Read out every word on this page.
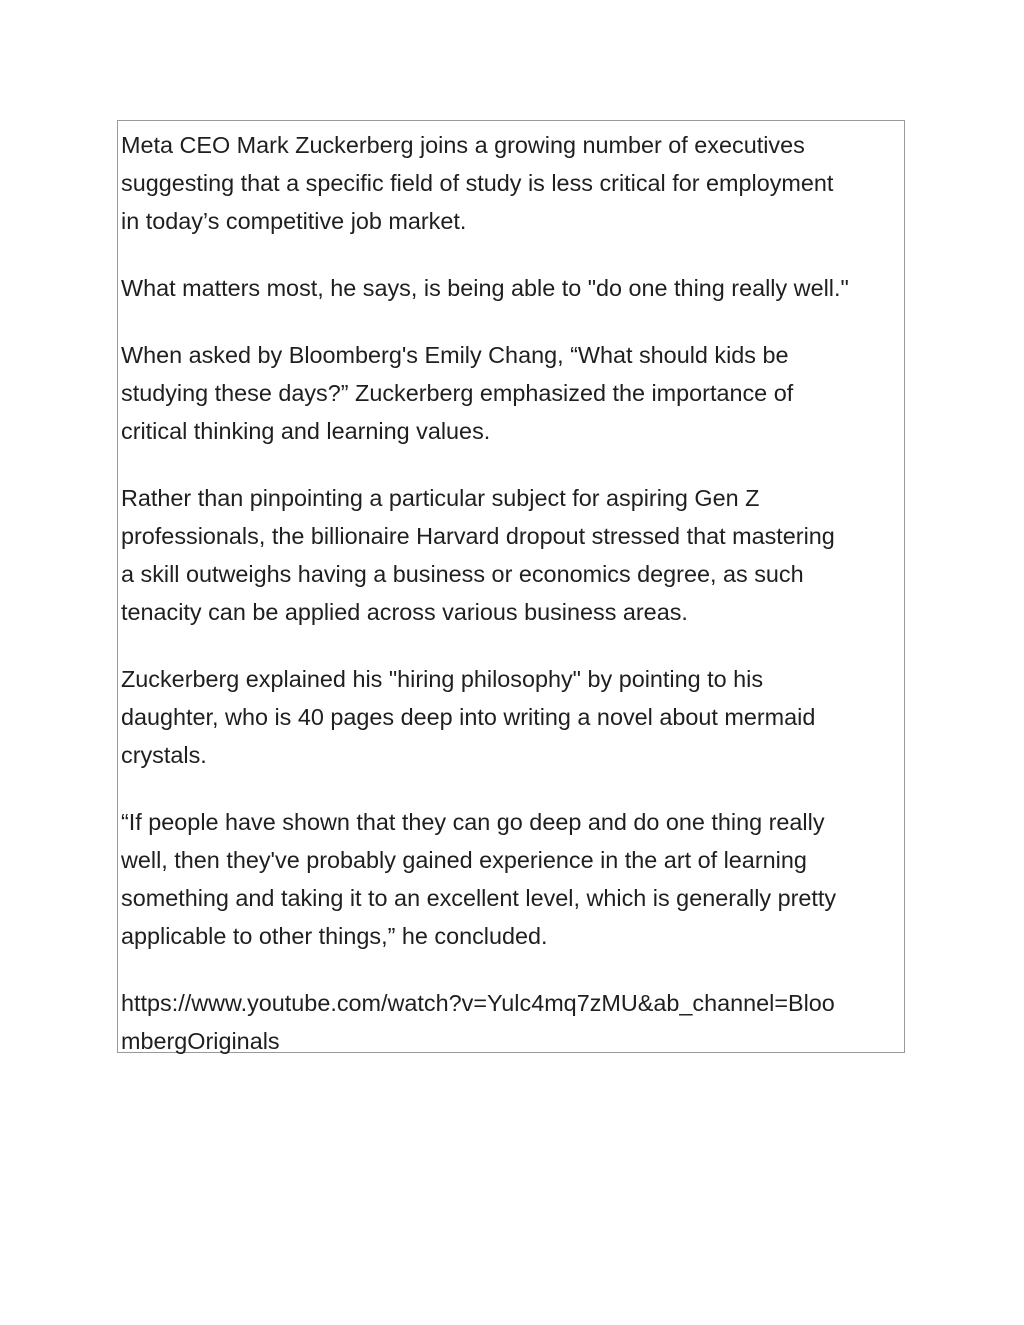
Meta CEO Mark Zuckerberg joins a growing number of executives
suggesting that a specific field of study is less critical for employment
in today’s competitive job market.

What matters most, he says, is being able to "do one thing really well."

When asked by Bloomberg's Emily Chang, “What should kids be
studying these days?” Zuckerberg emphasized the importance of
critical thinking and learning values.

Rather than pinpointing a particular subject for aspiring Gen Z
professionals, the billionaire Harvard dropout stressed that mastering
a skill outweighs having a business or economics degree, as such
tenacity can be applied across various business areas.

Zuckerberg explained his "hiring philosophy" by pointing to his
daughter, who is 40 pages deep into writing a novel about mermaid
crystals.

“If people have shown that they can go deep and do one thing really
well, then they've probably gained experience in the art of learning
something and taking it to an excellent level, which is generally pretty
applicable to other things,” he concluded.

https://www.youtube.com/watch?v=Yulc4mq7zMU&ab_channel=Bloo
mbergOriginals
